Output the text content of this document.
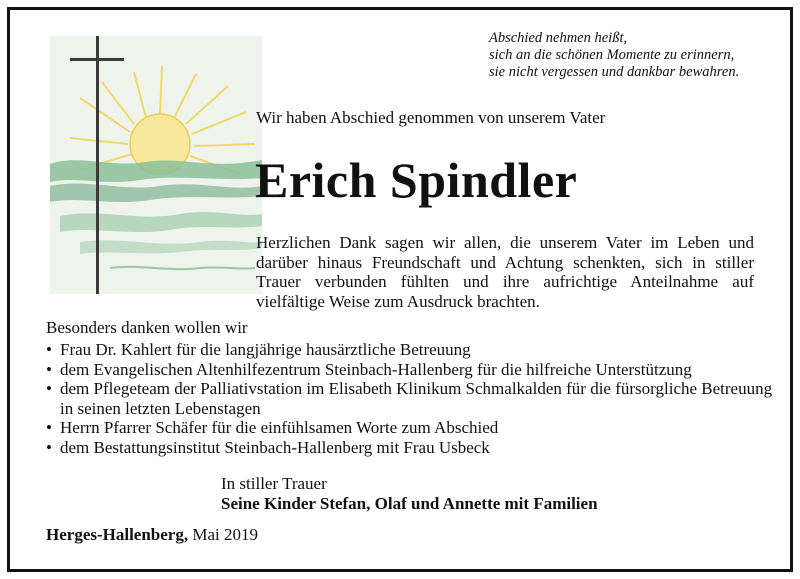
Abschied nehmen heißt,
sich an die schönen Momente zu erinnern,
sie nicht vergessen und dankbar bewahren.
Wir haben Abschied genommen von unserem Vater
Erich Spindler
Herzlichen Dank sagen wir allen, die unserem Vater im Leben und
darüber hinaus Freundschaft und Achtung schenkten, sich in stiller
Trauer verbunden fühlten und ihre aufrichtige Anteilnahme auf
vielfältige Weise zum Ausdruck brachten.
Besonders danken wollen wir
• Frau Dr. Kahlert für die langjährige hausärztliche Betreuung
• dem Evangelischen Altenhilfezentrum Steinbach-Hallenberg für die hilfreiche Unterstützung
• dem Pflegeteam der Palliativstation im Elisabeth Klinikum Schmalkalden für die fürsorgliche Betreuung in seinen letzten Lebenstagen
• Herrn Pfarrer Schäfer für die einfühlsamen Worte zum Abschied
• dem Bestattungsinstitut Steinbach-Hallenberg mit Frau Usbeck
In stiller Trauer
Seine Kinder Stefan, Olaf und Annette mit Familien
Herges-Hallenberg, Mai 2019
